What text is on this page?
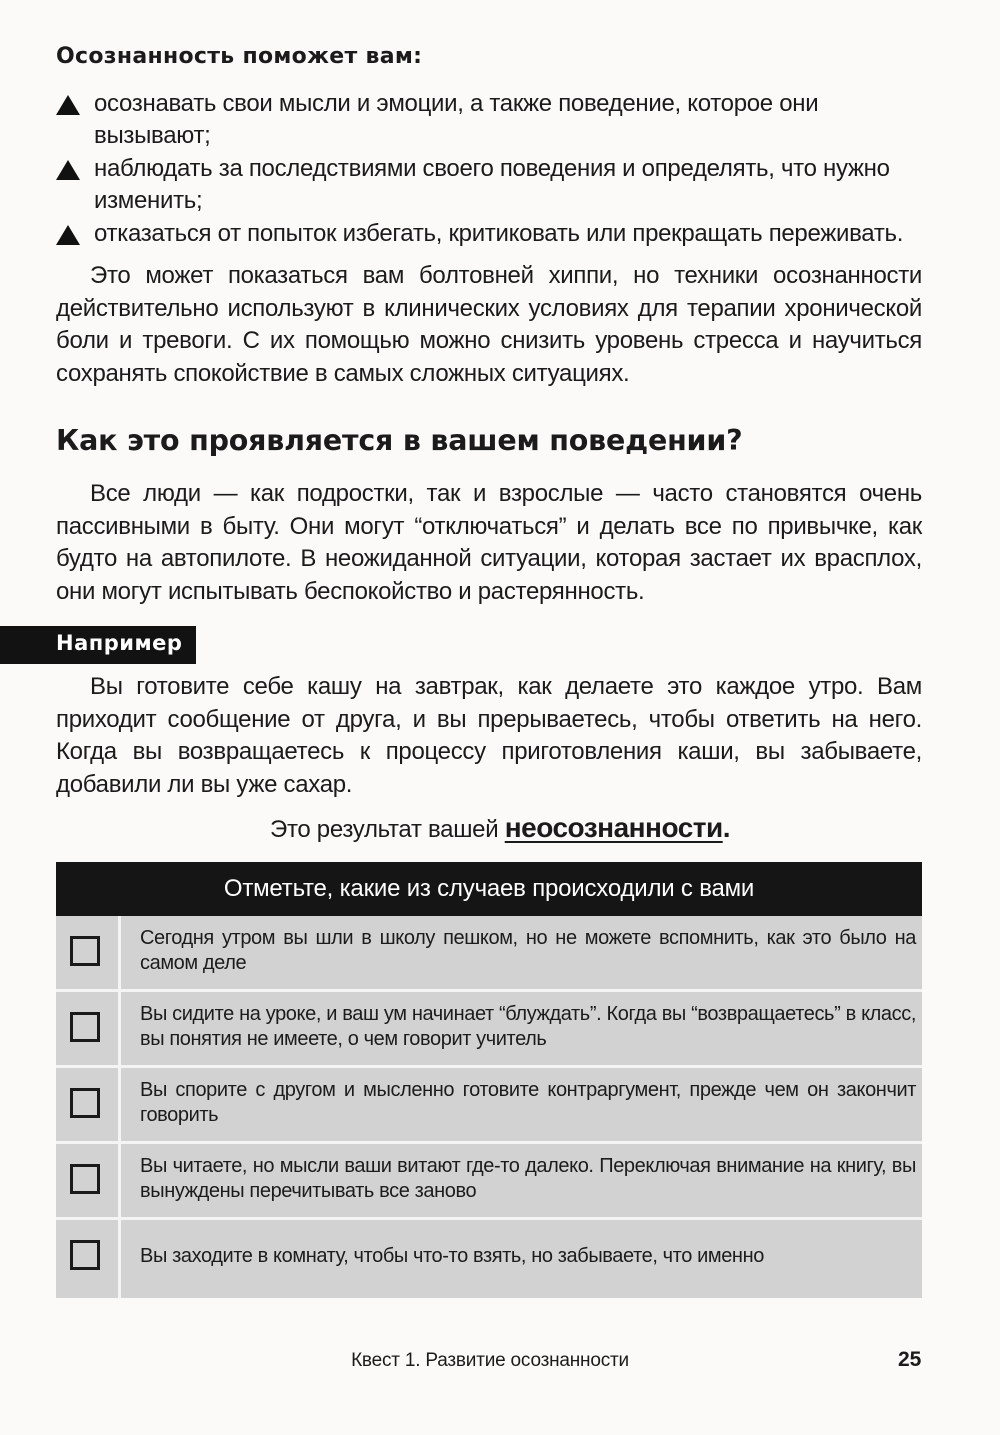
Осознанность поможет вам:
осознавать свои мысли и эмоции, а также поведение, которое они вызывают;
наблюдать за последствиями своего поведения и определять, что нужно изменить;
отказаться от попыток избегать, критиковать или прекращать переживать.

Это может показаться вам болтовней хиппи, но техники осознанности действительно используют в клинических условиях для терапии хронической боли и тревоги. С их помощью можно снизить уровень стресса и научиться сохранять спокойствие в самых сложных ситуациях.

Как это проявляется в вашем поведении?

Все люди — как подростки, так и взрослые — часто становятся очень пассивными в быту. Они могут “отключаться” и делать все по привычке, как будто на автопилоте. В неожиданной ситуации, которая застает их врасплох, они могут испытывать беспокойство и растерянность.

Например

Вы готовите себе кашу на завтрак, как делаете это каждое утро. Вам приходит сообщение от друга, и вы прерываетесь, чтобы ответить на него. Когда вы возвращаетесь к процессу приготовления каши, вы забываете, добавили ли вы уже сахар.

Это результат вашей неосознанности.
Отметьте, какие из случаев происходили с вами
Сегодня утром вы шли в школу пешком, но не можете вспомнить, как это было на самом деле
Вы сидите на уроке, и ваш ум начинает “блуждать”. Когда вы “возвращаетесь” в класс, вы понятия не имеете, о чем говорит учитель
Вы спорите с другом и мысленно готовите контраргумент, прежде чем он закончит говорить
Вы читаете, но мысли ваши витают где-то далеко. Переключая внимание на книгу, вы вынуждены перечитывать все заново
Вы заходите в комнату, чтобы что-то взять, но забываете, что именно
Квест 1. Развитие осознанности	25
